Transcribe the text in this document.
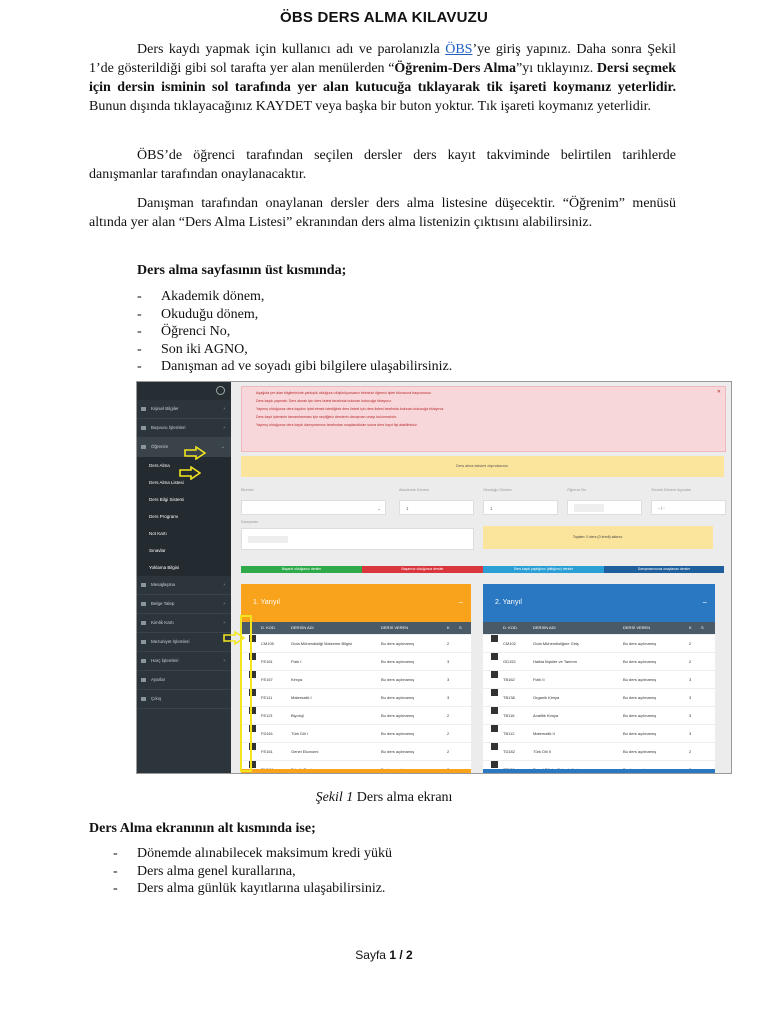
ÖBS DERS ALMA KILAVUZU
Ders kaydı yapmak için kullanıcı adı ve parolanızla ÖBS’ye giriş yapınız. Daha sonra Şekil 1’de gösterildiği gibi sol tarafta yer alan menülerden “Öğrenim-Ders Alma”yı tıklayınız. Dersi seçmek için dersin isminin sol tarafında yer alan kutucuğa tıklayarak tik işareti koymanız yeterlidir. Bunun dışında tıklayacağınız KAYDET veya başka bir buton yoktur. Tık işareti koymanız yeterlidir.
ÖBS’de öğrenci tarafından seçilen dersler ders kayıt takviminde belirtilen tarihlerde danışmanlar tarafından onaylanacaktır.
Danışman tarafından onaylanan dersler ders alma listesine düşecektir. “Öğrenim” menüsü altında yer alan “Ders Alma Listesi” ekranından ders alma listenizin çıktısını alabilirsiniz.
Ders alma sayfasının üst kısmında;
- Akademik dönem,
- Okuduğu dönem,
- Öğrenci No,
- Son iki AGNO,
- Danışman ad ve soyadı gibi bilgilere ulaşabilirsiniz.
Kişisel Bilgiler	›
Başvuru İşlemleri	›
Öğrenim	⌄
Ders Alma
Ders Alma Listesi
Ders Bilgi Sistemi
Ders Programı
Not Kartı
Sınavlar
Yoklama Bilgisi
Mesajlaşma	›
Belge Talep	›
Kimlik Kartı	›
Mezuniyet İşlemleri	›
Harç İşlemleri	›
Ayarlar
Çıkış
✕
Aşağıda yer alan bilgilerinizde yanlışlık olduğunu düşünüyorsanız biriminiz öğrenci işleri bürosuna başvurunuz.
Ders kaydı yapmak: Ders almak için ders listesi tarafında bulunan kutucuğa tıklayınız.
Yapmış olduğunuz ders kaydını iptal etmek istediğiniz ders listesi için ders listesi tarafında bulunan kutucuğa tıklayınız.
Ders kayıt işleminin tamamlanması için seçtiğiniz derslerin danışman onayı bulunmalıdır.
Yapmış olduğunuz ders kaydı danışmanınız tarafından onaylandıktan sonra ders kayıt fişi alabilirsiniz.
Ders alma takvimi dışındasınız.
Birimler
⌄
Akademik Dönem
1
Okuduğu Dönem
1
Öğrenci No	Önceki Dönem Agnoları
- / -
Danışman
Toplam: 0 ders (0 kredi) aldınız.
Başarılı olduğunuz dersler	Başarısız olduğunuz dersler	Ders kaydı yaptığınız (alttığınız) dersler	Danışmanınızca onaylanan dersler
1. Yarıyıl	−	2. Yarıyıl	−
D. KOD.	DERSİN ADI	DERSİ VEREN	K S
CM105	Gıda Mühendisliği Malzeme Bilgisi	Bu ders açılmamış	2
FE161	Fizik I	Bu ders açılmamış	3
FE167	Kimya	Bu ders açılmamış	3
FE111	Matematik I	Bu ders açılmamış	3
FE121	Biyoloji	Bu ders açılmamış	2
FD161	Türk Dili I	Bu ders açılmamış	2
FE161	Genel Ekonomi	Bu ders açılmamış	2
D. KOD.	DERSİN ADI	DERSİ VEREN	K S
CM102	Gıda Mühendisliğine Giriş	Bu ders açılmamış	2
GD152	Halkla İlişkiler ve Tanıtım	Bu ders açılmamış	2
TB162	Fizik II	Bu ders açılmamış	3
TB138	Organik Kimya	Bu ders açılmamış	3
TB116	Analitik Kimya	Bu ders açılmamış	3
TB112	Matematik II	Bu ders açılmamış	3
TD182	Türk Dili II	Bu ders açılmamış	2
Şekil 1 Ders alma ekranı
Ders Alma ekranının alt kısmında ise;
- Dönemde alınabilecek maksimum kredi yükü
- Ders alma genel kurallarına,
- Ders alma günlük kayıtlarına ulaşabilirsiniz.
Sayfa 1 / 2
